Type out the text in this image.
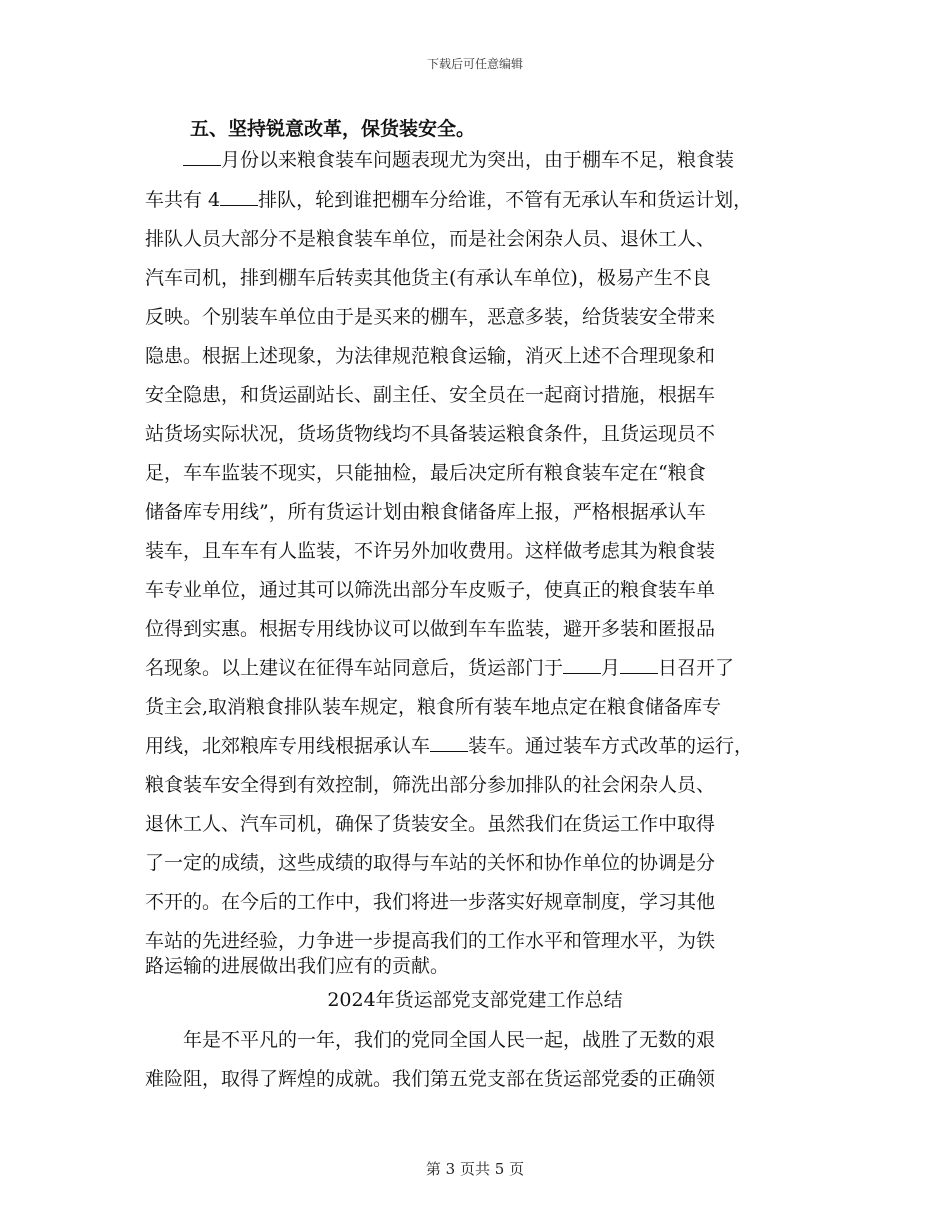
下载后可任意编辑
五、坚持锐意改革，保货装安全。
月份以来粮食装车问题表现尤为突出，由于棚车不足，粮食装
车共有 4 排队，轮到谁把棚车分给谁，不管有无承认车和货运计划，
排队人员大部分不是粮食装车单位，而是社会闲杂人员、退休工人、
汽车司机，排到棚车后转卖其他货主(有承认车单位)，极易产生不良
反映。个别装车单位由于是买来的棚车，恶意多装，给货装安全带来
隐患。根据上述现象，为法律规范粮食运输，消灭上述不合理现象和
安全隐患，和货运副站长、副主任、安全员在一起商讨措施，根据车
站货场实际状况，货场货物线均不具备装运粮食条件，且货运现员不
足，车车监装不现实，只能抽检，最后决定所有粮食装车定在“粮食
储备库专用线”，所有货运计划由粮食储备库上报，严格根据承认车
装车，且车车有人监装，不许另外加收费用。这样做考虑其为粮食装
车专业单位，通过其可以筛洗出部分车皮贩子，使真正的粮食装车单
位得到实惠。根据专用线协议可以做到车车监装，避开多装和匿报品
名现象。以上建议在征得车站同意后，货运部门于 月 日召开了
货主会,取消粮食排队装车规定，粮食所有装车地点定在粮食储备库专
用线，北郊粮库专用线根据承认车 装车。通过装车方式改革的运行，
粮食装车安全得到有效控制，筛洗出部分参加排队的社会闲杂人员、
退休工人、汽车司机，确保了货装安全。虽然我们在货运工作中取得
了一定的成绩，这些成绩的取得与车站的关怀和协作单位的协调是分
不开的。在今后的工作中，我们将进一步落实好规章制度，学习其他
车站的先进经验，力争进一步提高我们的工作水平和管理水平，为铁
路运输的进展做出我们应有的贡献。
2024年货运部党支部党建工作总结
年是不平凡的一年，我们的党同全国人民一起，战胜了无数的艰
难险阻，取得了辉煌的成就。我们第五党支部在货运部党委的正确领
第 3 页共 5 页
